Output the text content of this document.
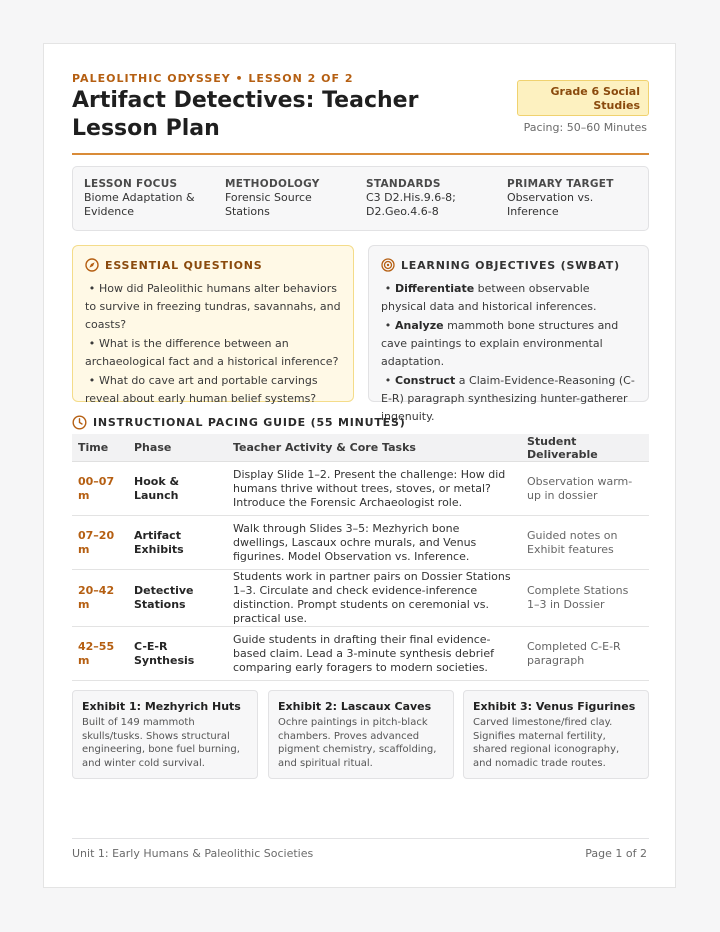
PALEOLITHIC ODYSSEY • LESSON 2 OF 2
Artifact Detectives: Teacher Lesson Plan
Grade 6 Social Studies
Pacing: 50–60 Minutes
LESSON FOCUS
Biome Adaptation & Evidence
METHODOLOGY
Forensic Source Stations
STANDARDS
C3 D2.His.9.6-8; D2.Geo.4.6-8
PRIMARY TARGET
Observation vs. Inference
ESSENTIAL QUESTIONS
• How did Paleolithic humans alter behaviors to survive in freezing tundras, savannahs, and coasts?
• What is the difference between an archaeological fact and a historical inference?
• What do cave art and portable carvings reveal about early human belief systems?
LEARNING OBJECTIVES (SWBAT)
• Differentiate between observable physical data and historical inferences.
• Analyze mammoth bone structures and cave paintings to explain environmental adaptation.
• Construct a Claim-Evidence-Reasoning (C-E-R) paragraph synthesizing hunter-gatherer ingenuity.
INSTRUCTIONAL PACING GUIDE (55 MINUTES)
Time	Phase	Teacher Activity & Core Tasks	Student Deliverable
00–07 m	Hook & Launch	Display Slide 1–2. Present the challenge: How did humans thrive without trees, stoves, or metal? Introduce the Forensic Archaeologist role.	Observation warm-up in dossier
07–20 m	Artifact Exhibits	Walk through Slides 3–5: Mezhyrich bone dwellings, Lascaux ochre murals, and Venus figurines. Model Observation vs. Inference.	Guided notes on Exhibit features
20–42 m	Detective Stations	Students work in partner pairs on Dossier Stations 1–3. Circulate and check evidence-inference distinction. Prompt students on ceremonial vs. practical use.	Complete Stations 1–3 in Dossier
42–55 m	C-E-R Synthesis	Guide students in drafting their final evidence-based claim. Lead a 3-minute synthesis debrief comparing early foragers to modern societies.	Completed C-E-R paragraph
Exhibit 1: Mezhyrich Huts
Built of 149 mammoth skulls/tusks. Shows structural engineering, bone fuel burning, and winter cold survival.
Exhibit 2: Lascaux Caves
Ochre paintings in pitch-black chambers. Proves advanced pigment chemistry, scaffolding, and spiritual ritual.
Exhibit 3: Venus Figurines
Carved limestone/fired clay. Signifies maternal fertility, shared regional iconography, and nomadic trade routes.
Unit 1: Early Humans & Paleolithic Societies	Page 1 of 2
